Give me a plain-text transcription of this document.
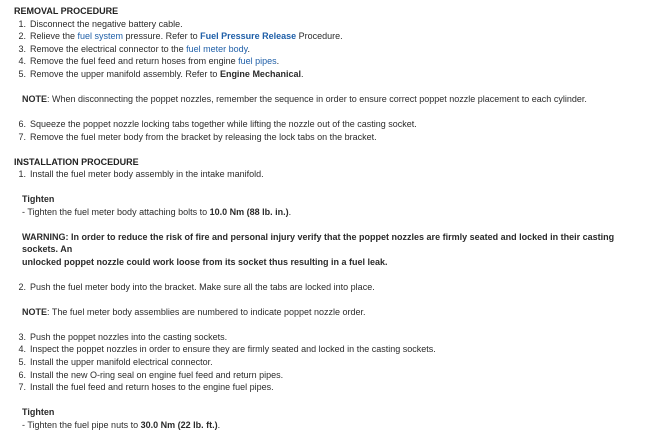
REMOVAL PROCEDURE
1. Disconnect the negative battery cable.
2. Relieve the fuel system pressure. Refer to Fuel Pressure Release Procedure.
3. Remove the electrical connector to the fuel meter body.
4. Remove the fuel feed and return hoses from engine fuel pipes.
5. Remove the upper manifold assembly. Refer to Engine Mechanical.
NOTE: When disconnecting the poppet nozzles, remember the sequence in order to ensure correct poppet nozzle placement to each cylinder.
6. Squeeze the poppet nozzle locking tabs together while lifting the nozzle out of the casting socket.
7. Remove the fuel meter body from the bracket by releasing the lock tabs on the bracket.
INSTALLATION PROCEDURE
1. Install the fuel meter body assembly in the intake manifold.
Tighten
- Tighten the fuel meter body attaching bolts to 10.0 Nm (88 lb. in.).
WARNING: In order to reduce the risk of fire and personal injury verify that the poppet nozzles are firmly seated and locked in their casting sockets. An
unlocked poppet nozzle could work loose from its socket thus resulting in a fuel leak.
2. Push the fuel meter body into the bracket. Make sure all the tabs are locked into place.
NOTE: The fuel meter body assemblies are numbered to indicate poppet nozzle order.
3. Push the poppet nozzles into the casting sockets.
4. Inspect the poppet nozzles in order to ensure they are firmly seated and locked in the casting sockets.
5. Install the upper manifold electrical connector.
6. Install the new O-ring seal on engine fuel feed and return pipes.
7. Install the fuel feed and return hoses to the engine fuel pipes.
Tighten
- Tighten the fuel pipe nuts to 30.0 Nm (22 lb. ft.).
